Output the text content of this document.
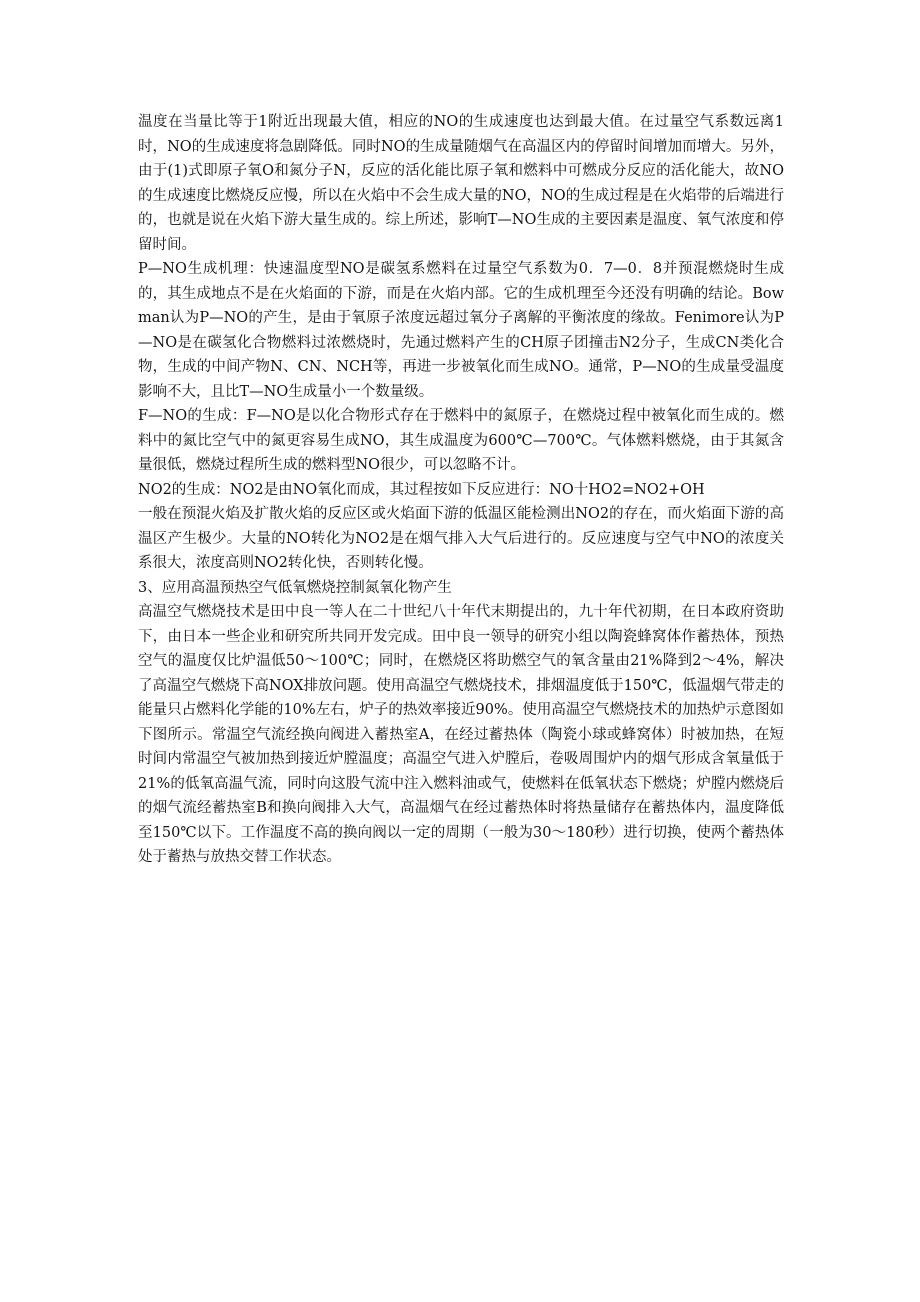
温度在当量比等于1附近出现最大值，相应的NO的生成速度也达到最大值。在过量空气系数远离1时，NO的生成速度将急剧降低。同时NO的生成量随烟气在高温区内的停留时间增加而增大。另外，由于(1)式即原子氧O和氮分子N，反应的活化能比原子氧和燃料中可燃成分反应的活化能大，故NO的生成速度比燃烧反应慢，所以在火焰中不会生成大量的NO，NO的生成过程是在火焰带的后端进行的，也就是说在火焰下游大量生成的。综上所述，影响T—NO生成的主要因素是温度、氧气浓度和停留时间。

P—NO生成机理：快速温度型NO是碳氢系燃料在过量空气系数为0．7—0．8并预混燃烧时生成的，其生成地点不是在火焰面的下游，而是在火焰内部。它的生成机理至今还没有明确的结论。Bowman认为P—NO的产生，是由于氧原子浓度远超过氧分子离解的平衡浓度的缘故。Fenimore认为P—NO是在碳氢化合物燃料过浓燃烧时，先通过燃料产生的CH原子团撞击N2分子，生成CN类化合物，生成的中间产物N、CN、NCH等，再进一步被氧化而生成NO。通常，P—NO的生成量受温度影响不大，且比T—NO生成量小一个数量级。

F—NO的生成：F—NO是以化合物形式存在于燃料中的氮原子，在燃烧过程中被氧化而生成的。燃料中的氮比空气中的氮更容易生成NO，其生成温度为600℃—700℃。气体燃料燃烧，由于其氮含量很低，燃烧过程所生成的燃料型NO很少，可以忽略不计。

NO2的生成：NO2是由NO氧化而成，其过程按如下反应进行：NO十HO2=NO2+OH

一般在预混火焰及扩散火焰的反应区或火焰面下游的低温区能检测出NO2的存在，而火焰面下游的高温区产生极少。大量的NO转化为NO2是在烟气排入大气后进行的。反应速度与空气中NO的浓度关系很大，浓度高则NO2转化快，否则转化慢。

3、应用高温预热空气低氧燃烧控制氮氧化物产生

高温空气燃烧技术是田中良一等人在二十世纪八十年代末期提出的，九十年代初期，在日本政府资助下，由日本一些企业和研究所共同开发完成。田中良一领导的研究小组以陶瓷蜂窝体作蓄热体，预热空气的温度仅比炉温低50～100℃；同时，在燃烧区将助燃空气的氧含量由21%降到2～4%，解决了高温空气燃烧下高NOX排放问题。使用高温空气燃烧技术，排烟温度低于150℃，低温烟气带走的能量只占燃料化学能的10%左右，炉子的热效率接近90%。使用高温空气燃烧技术的加热炉示意图如下图所示。常温空气流经换向阀进入蓄热室A，在经过蓄热体（陶瓷小球或蜂窝体）时被加热，在短时间内常温空气被加热到接近炉膛温度；高温空气进入炉膛后，卷吸周围炉内的烟气形成含氧量低于21%的低氧高温气流，同时向这股气流中注入燃料油或气，使燃料在低氧状态下燃烧；炉膛内燃烧后的烟气流经蓄热室B和换向阀排入大气，高温烟气在经过蓄热体时将热量储存在蓄热体内，温度降低至150℃以下。工作温度不高的换向阀以一定的周期（一般为30～180秒）进行切换，使两个蓄热体处于蓄热与放热交替工作状态。
